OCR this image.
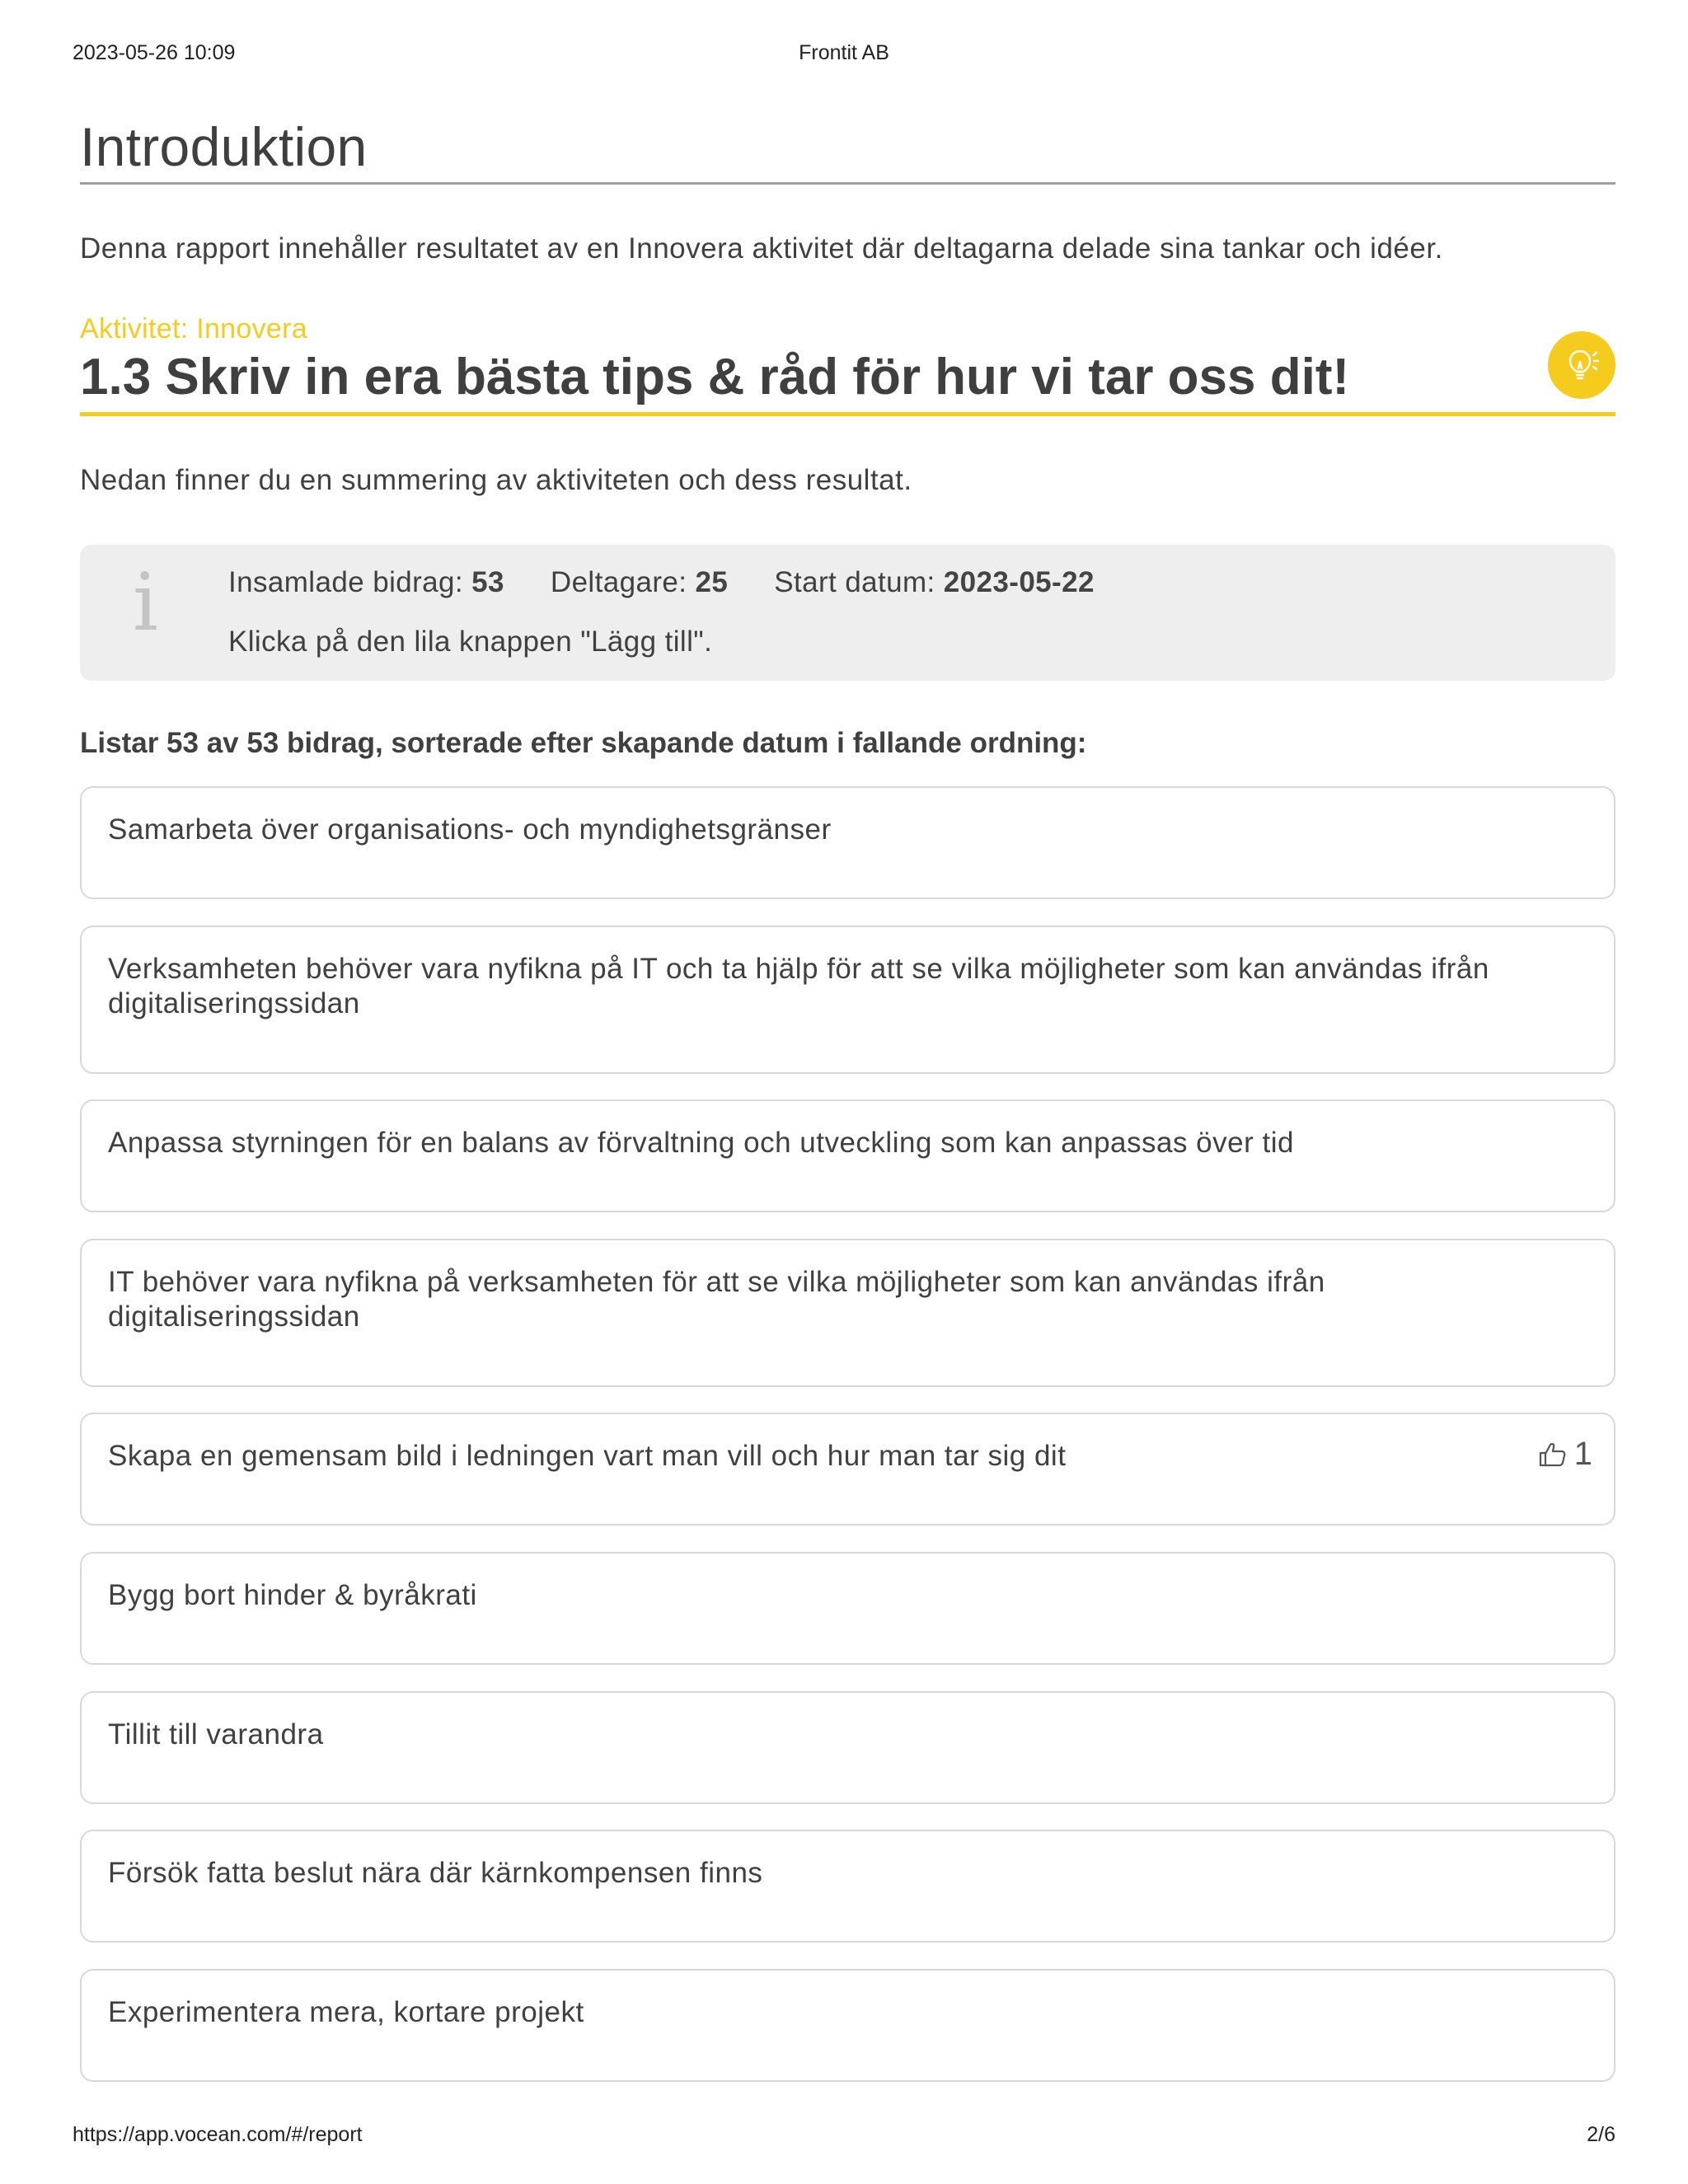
2023-05-26 10:09	Frontit AB
Introduktion

Denna rapport innehåller resultatet av en Innovera aktivitet där deltagarna delade sina tankar och idéer.

Aktivitet: Innovera
1.3 Skriv in era bästa tips & råd för hur vi tar oss dit!

Nedan finner du en summering av aktiviteten och dess resultat.

i Insamlade bidrag: 53 Deltagare: 25 Start datum: 2023-05-22
Klicka på den lila knappen "Lägg till".
Listar 53 av 53 bidrag, sorterade efter skapande datum i fallande ordning:
Samarbeta över organisations- och myndighetsgränser
Verksamheten behöver vara nyfikna på IT och ta hjälp för att se vilka möjligheter som kan användas ifrån digitaliseringssidan
Anpassa styrningen för en balans av förvaltning och utveckling som kan anpassas över tid
IT behöver vara nyfikna på verksamheten för att se vilka möjligheter som kan användas ifrån digitaliseringssidan
Skapa en gemensam bild i ledningen vart man vill och hur man tar sig dit	1
Bygg bort hinder & byråkrati
Tillit till varandra
Försök fatta beslut nära där kärnkompensen finns
Experimentera mera, kortare projekt
https://app.vocean.com/#/report	2/6
